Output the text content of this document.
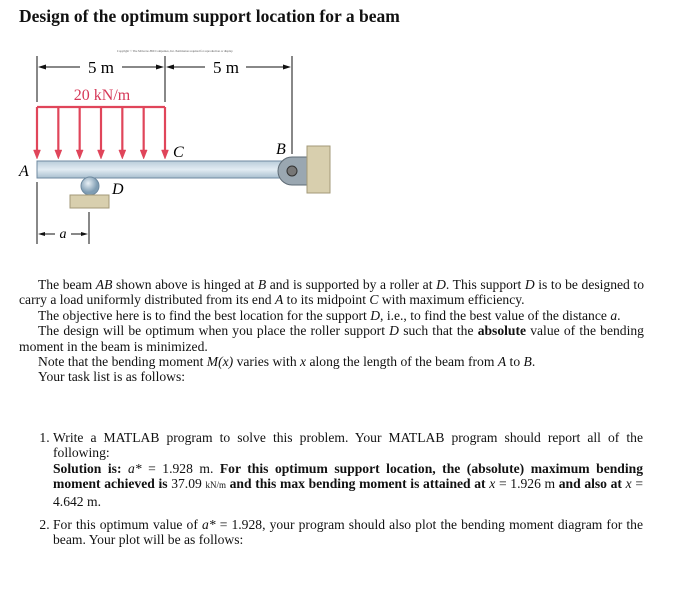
Design of the optimum support location for a beam
Copyright © The McGraw-Hill Companies, Inc. Permission required for reproduction or display.
5 m	5 m
20 kN/m
A
B
C
D
a
The beam AB shown above is hinged at B and is supported by a roller at D. This support D is to be designed to carry a load uniformly distributed from its end A to its midpoint C with maximum efficiency.
The objective here is to find the best location for the support D, i.e., to find the best value of the distance a.
The design will be optimum when you place the roller support D such that the absolute value of the bending moment in the beam is minimized.
Note that the bending moment M(x) varies with x along the length of the beam from A to B.
Your task list is as follows:
1. Write a MATLAB program to solve this problem. Your MATLAB program should report all of the following:
Solution is: a* = 1.928 m. For this optimum support location, the (absolute) maximum bending moment achieved is 37.09 kN/m and this max bending moment is attained at x = 1.926 m and also at x = 4.642 m.
2. For this optimum value of a* = 1.928, your program should also plot the bending moment diagram for the beam. Your plot will be as follows:
